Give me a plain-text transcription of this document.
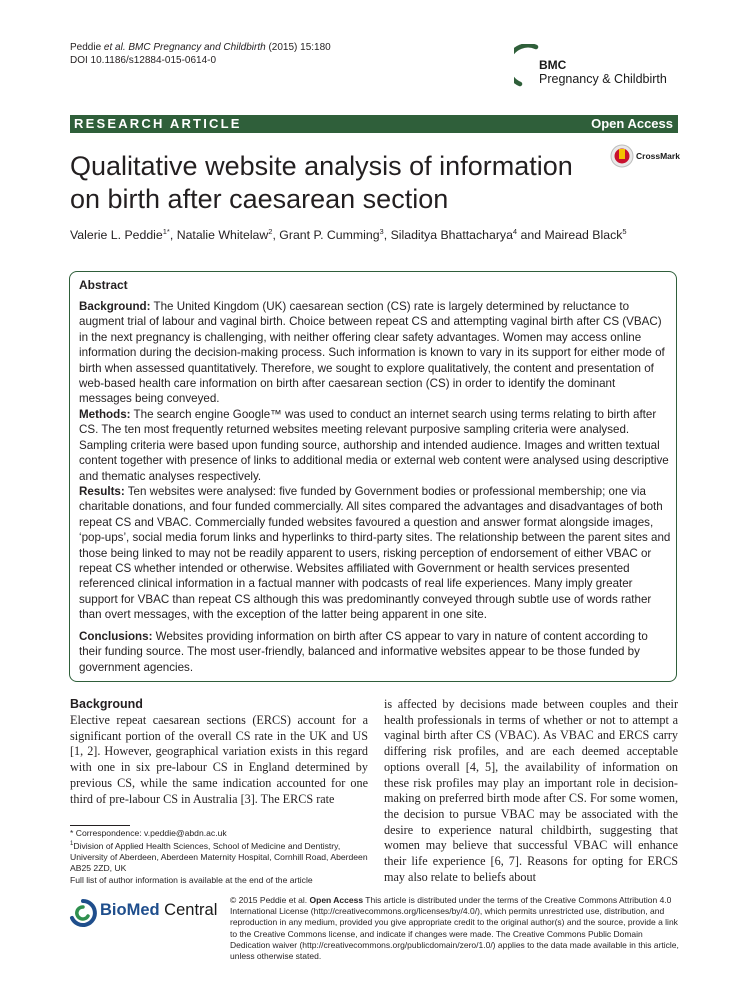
Peddie et al. BMC Pregnancy and Childbirth (2015) 15:180
DOI 10.1186/s12884-015-0614-0	BMC
Pregnancy & Childbirth
RESEARCH ARTICLE	Open Access
Qualitative website analysis of information
on birth after caesarean section
CrossMark
Valerie L. Peddie$^{1*}$, Natalie Whitelaw$^2$, Grant P. Cumming$^3$, Siladitya Bhattacharya$^4$ and Mairead Black$^5$
Abstract
Background: The United Kingdom (UK) caesarean section (CS) rate is largely determined by reluctance to augment trial of labour and vaginal birth. Choice between repeat CS and attempting vaginal birth after CS (VBAC) in the next pregnancy is challenging, with neither offering clear safety advantages. Women may access online information during the decision-making process. Such information is known to vary in its support for either mode of birth when assessed quantitatively. Therefore, we sought to explore qualitatively, the content and presentation of web-based health care information on birth after caesarean section (CS) in order to identify the dominant messages being conveyed.
Methods: The search engine Google™ was used to conduct an internet search using terms relating to birth after CS. The ten most frequently returned websites meeting relevant purposive sampling criteria were analysed. Sampling criteria were based upon funding source, authorship and intended audience. Images and written textual content together with presence of links to additional media or external web content were analysed using descriptive and thematic analyses respectively.
Results: Ten websites were analysed: five funded by Government bodies or professional membership; one via charitable donations, and four funded commercially. All sites compared the advantages and disadvantages of both repeat CS and VBAC. Commercially funded websites favoured a question and answer format alongside images, ‘pop-ups’, social media forum links and hyperlinks to third-party sites. The relationship between the parent sites and those being linked to may not be readily apparent to users, risking perception of endorsement of either VBAC or repeat CS whether intended or otherwise. Websites affiliated with Government or health services presented referenced clinical information in a factual manner with podcasts of real life experiences. Many imply greater support for VBAC than repeat CS although this was predominantly conveyed through subtle use of words rather than overt messages, with the exception of the latter being apparent in one site.
Conclusions: Websites providing information on birth after CS appear to vary in nature of content according to their funding source. The most user-friendly, balanced and informative websites appear to be those funded by government agencies.
Background
Elective repeat caesarean sections (ERCS) account for a significant portion of the overall CS rate in the UK and US [1, 2]. However, geographical variation exists in this regard with one in six pre-labour CS in England determined by previous CS, while the same indication accounted for one third of pre-labour CS in Australia [3]. The ERCS rate
is affected by decisions made between couples and their health professionals in terms of whether or not to attempt a vaginal birth after CS (VBAC). As VBAC and ERCS carry differing risk profiles, and are each deemed acceptable options overall [4, 5], the availability of information on these risk profiles may play an important role in decision-making on preferred birth mode after CS. For some women, the decision to pursue VBAC may be associated with the desire to experience natural childbirth, suggesting that women may believe that successful VBAC will enhance their life experience [6, 7]. Reasons for opting for ERCS may also relate to beliefs about
* Correspondence: v.peddie@abdn.ac.uk
$^1$Division of Applied Health Sciences, School of Medicine and Dentistry, University of Aberdeen, Aberdeen Maternity Hospital, Cornhill Road, Aberdeen AB25 2ZD, UK
Full list of author information is available at the end of the article
BioMed Central
© 2015 Peddie et al. Open Access This article is distributed under the terms of the Creative Commons Attribution 4.0 International License (http://creativecommons.org/licenses/by/4.0/), which permits unrestricted use, distribution, and reproduction in any medium, provided you give appropriate credit to the original author(s) and the source, provide a link to the Creative Commons license, and indicate if changes were made. The Creative Commons Public Domain Dedication waiver (http://creativecommons.org/publicdomain/zero/1.0/) applies to the data made available in this article, unless otherwise stated.
